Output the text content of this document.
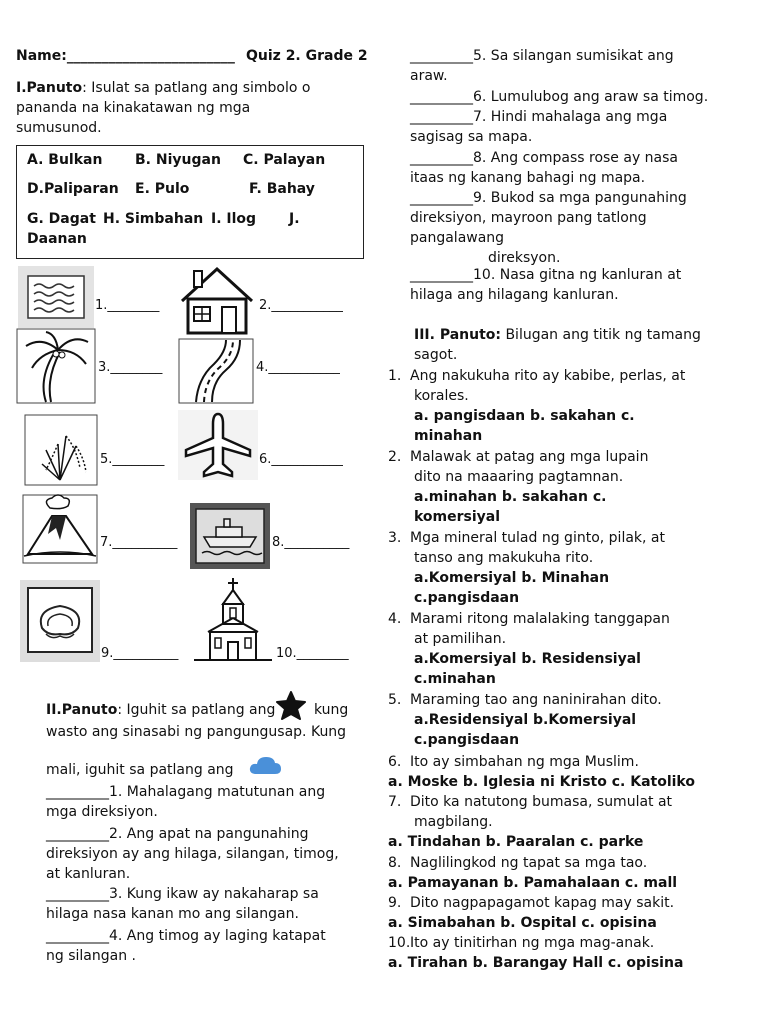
Name:________________________ Quiz 2. Grade 2
I.Panuto: Isulat sa patlang ang simbolo o pananda na kinakatawan ng mga sumusunod.
A. Bulkan B. Niyugan C. Palayan
D.Paliparan E. Pulo	F. Bahay
G. Dagat H. Simbahan I. Ilog J.
Daanan
1.________	2.___________
3.________	4.___________
5.________	6.___________
7.__________	8.__________
9.__________	10.________
II.Panuto: Iguhit sa patlang ang	kung
wasto ang sinasabi ng pangungusap. Kung
mali, iguhit sa patlang ang
_________1. Mahalagang matutunan ang
mga direksiyon.
_________2. Ang apat na pangunahing
direksiyon ay ang hilaga, silangan, timog,
at kanluran.
_________3. Kung ikaw ay nakaharap sa
hilaga nasa kanan mo ang silangan.
_________4. Ang timog ay laging katapat
ng silangan .
_________5. Sa silangan sumisikat ang
araw.
_________6. Lumulubog ang araw sa timog.
_________7. Hindi mahalaga ang mga
sagisag sa mapa.
_________8. Ang compass rose ay nasa
itaas ng kanang bahagi ng mapa.
_________9. Bukod sa mga pangunahing
direksiyon, mayroon pang tatlong
pangalawang
direksyon.
_________10. Nasa gitna ng kanluran at
hilaga ang hilagang kanluran.
III. Panuto: Bilugan ang titik ng tamang
sagot.
1. Ang nakukuha rito ay kabibe, perlas, at
korales.
a. pangisdaan b. sakahan c.
minahan
2. Malawak at patag ang mga lupain
dito na maaaring pagtamnan.
a.minahan b. sakahan c.
komersiyal
3. Mga mineral tulad ng ginto, pilak, at
tanso ang makukuha rito.
a.Komersiyal b. Minahan
c.pangisdaan
4. Marami ritong malalaking tanggapan
at pamilihan.
a.Komersiyal b. Residensiyal
c.minahan
5. Maraming tao ang naninirahan dito.
a.Residensiyal b.Komersiyal
c.pangisdaan
6. Ito ay simbahan ng mga Muslim.
a. Moske b. Iglesia ni Kristo c. Katoliko
7. Dito ka natutong bumasa, sumulat at
magbilang.
a. Tindahan b. Paaralan c. parke
8. Naglilingkod ng tapat sa mga tao.
a. Pamayanan b. Pamahalaan c. mall
9. Dito nagpapagamot kapag may sakit.
a. Simabahan b. Ospital c. opisina
10.Ito ay tinitirhan ng mga mag-anak.
a. Tirahan b. Barangay Hall c. opisina
